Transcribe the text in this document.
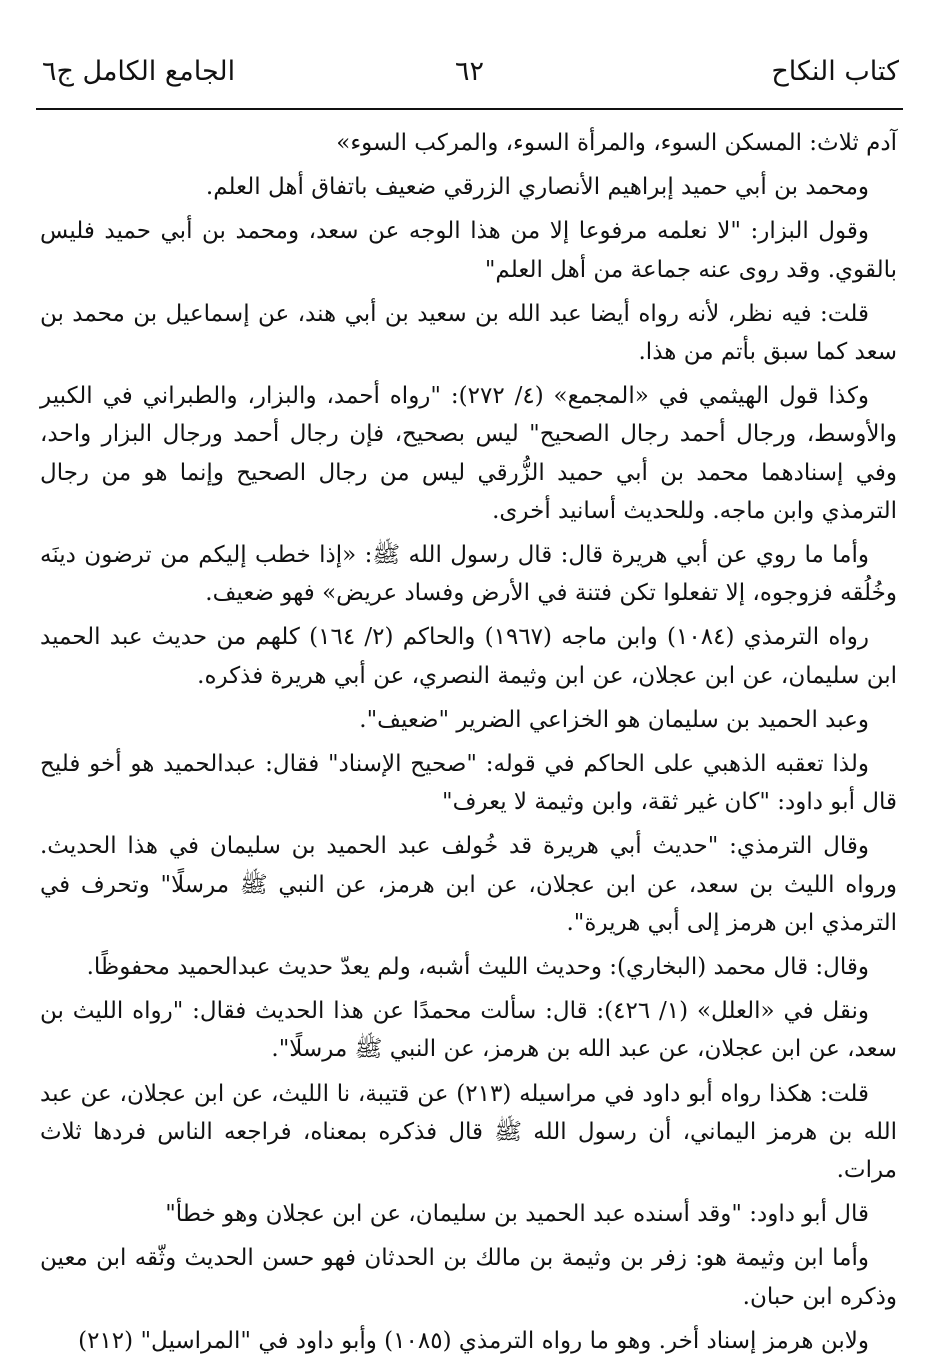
كتاب النكاح
٦٢
الجامع الكامل ج٦

آدم ثلاث: المسكن السوء، والمرأة السوء، والمركب السوء»

ومحمد بن أبي حميد إبراهيم الأنصاري الزرقي ضعيف باتفاق أهل العلم.

وقول البزار: "لا نعلمه مرفوعا إلا من هذا الوجه عن سعد، ومحمد بن أبي حميد فليس بالقوي. وقد روى عنه جماعة من أهل العلم"

قلت: فيه نظر، لأنه رواه أيضا عبد الله بن سعيد بن أبي هند، عن إسماعيل بن محمد بن سعد كما سبق بأتم من هذا.

وكذا قول الهيثمي في «المجمع» (٤/ ٢٧٢): "رواه أحمد، والبزار، والطبراني في الكبير والأوسط، ورجال أحمد رجال الصحيح" ليس بصحيح، فإن رجال أحمد ورجال البزار واحد، وفي إسنادهما محمد بن أبي حميد الزُّرقي ليس من رجال الصحيح وإنما هو من رجال الترمذي وابن ماجه. وللحديث أسانيد أخرى.

وأما ما روي عن أبي هريرة قال: قال رسول الله ﷺ: «إذا خطب إليكم من ترضون دينَه وخُلُقه فزوجوه، إلا تفعلوا تكن فتنة في الأرض وفساد عريض» فهو ضعيف.

رواه الترمذي (١٠٨٤) وابن ماجه (١٩٦٧) والحاكم (٢/ ١٦٤) كلهم من حديث عبد الحميد ابن سليمان، عن ابن عجلان، عن ابن وثيمة النصري، عن أبي هريرة فذكره.

وعبد الحميد بن سليمان هو الخزاعي الضرير "ضعيف".

ولذا تعقبه الذهبي على الحاكم في قوله: "صحيح الإسناد" فقال: عبدالحميد هو أخو فليح قال أبو داود: "كان غير ثقة، وابن وثيمة لا يعرف"

وقال الترمذي: "حديث أبي هريرة قد خُولف عبد الحميد بن سليمان في هذا الحديث. ورواه الليث بن سعد، عن ابن عجلان، عن ابن هرمز، عن النبي ﷺ مرسلًا" وتحرف في الترمذي ابن هرمز إلى أبي هريرة".

وقال: قال محمد (البخاري): وحديث الليث أشبه، ولم يعدّ حديث عبدالحميد محفوظًا.

ونقل في «العلل» (١/ ٤٢٦): قال: سألت محمدًا عن هذا الحديث فقال: "رواه الليث بن سعد، عن ابن عجلان، عن عبد الله بن هرمز، عن النبي ﷺ مرسلًا".

قلت: هكذا رواه أبو داود في مراسيله (٢١٣) عن قتيبة، نا الليث، عن ابن عجلان، عن عبد الله بن هرمز اليماني، أن رسول الله ﷺ قال فذكره بمعناه، فراجعه الناس فردها ثلاث مرات.

قال أبو داود: "وقد أسنده عبد الحميد بن سليمان، عن ابن عجلان وهو خطأ"

وأما ابن وثيمة هو: زفر بن وثيمة بن مالك بن الحدثان فهو حسن الحديث وثّقه ابن معين وذكره ابن حبان.

ولابن هرمز إسناد أخر. وهو ما رواه الترمذي (١٠٨٥) وأبو داود في "المراسيل" (٢١٢)
